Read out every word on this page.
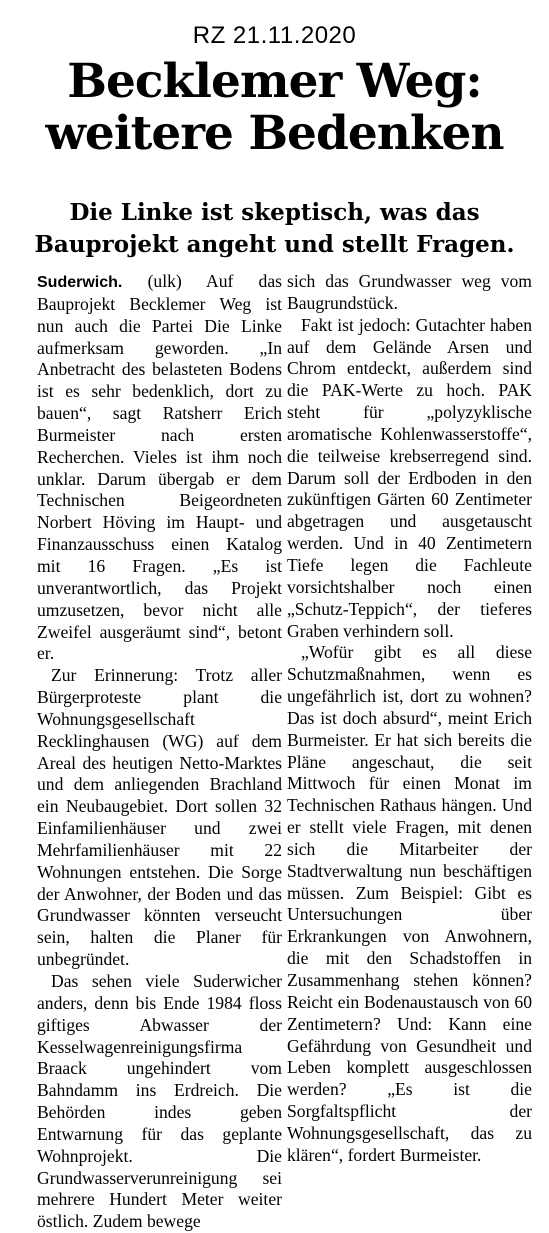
RZ 21.11.2020
Becklemer Weg:
weitere Bedenken
Die Linke ist skeptisch, was das
Bauprojekt angeht und stellt Fragen.

Suderwich. (ulk) Auf das Bauprojekt Becklemer Weg ist nun auch die Partei Die Linke aufmerksam geworden. „In Anbetracht des belasteten Bodens ist es sehr bedenklich, dort zu bauen“, sagt Ratsherr Erich Burmeister nach ersten Recherchen. Vieles ist ihm noch unklar. Darum übergab er dem Technischen Beigeordneten Norbert Höving im Haupt- und Finanzausschuss einen Katalog mit 16 Fragen. „Es ist unverantwortlich, das Projekt umzusetzen, bevor nicht alle Zweifel ausgeräumt sind“, betont er.

Zur Erinnerung: Trotz aller Bürgerproteste plant die Wohnungsgesellschaft Recklinghausen (WG) auf dem Areal des heutigen Netto-Marktes und dem anliegenden Brachland ein Neubaugebiet. Dort sollen 32 Einfamilienhäuser und zwei Mehrfamilienhäuser mit 22 Wohnungen entstehen. Die Sorge der Anwohner, der Boden und das Grundwasser könnten verseucht sein, halten die Planer für unbegründet.

Das sehen viele Suderwicher anders, denn bis Ende 1984 floss giftiges Abwasser der Kesselwagenreinigungsfirma Braack ungehindert vom Bahndamm ins Erdreich. Die Behörden indes geben Entwarnung für das geplante Wohnprojekt. Die Grundwasserverunreinigung sei mehrere Hundert Meter weiter östlich. Zudem bewege

sich das Grundwasser weg vom Baugrundstück.

Fakt ist jedoch: Gutachter haben auf dem Gelände Arsen und Chrom entdeckt, außerdem sind die PAK-Werte zu hoch. PAK steht für „polyzyklische aromatische Kohlenwasserstoffe“, die teilweise krebserregend sind. Darum soll der Erdboden in den zukünftigen Gärten 60 Zentimeter abgetragen und ausgetauscht werden. Und in 40 Zentimetern Tiefe legen die Fachleute vorsichtshalber noch einen „Schutz-Teppich“, der tieferes Graben verhindern soll.

„Wofür gibt es all diese Schutzmaßnahmen, wenn es ungefährlich ist, dort zu wohnen? Das ist doch absurd“, meint Erich Burmeister. Er hat sich bereits die Pläne angeschaut, die seit Mittwoch für einen Monat im Technischen Rathaus hängen. Und er stellt viele Fragen, mit denen sich die Mitarbeiter der Stadtverwaltung nun beschäftigen müssen. Zum Beispiel: Gibt es Untersuchungen über Erkrankungen von Anwohnern, die mit den Schadstoffen in Zusammenhang stehen können? Reicht ein Bodenaustausch von 60 Zentimetern? Und: Kann eine Gefährdung von Gesundheit und Leben komplett ausgeschlossen werden? „Es ist die Sorgfaltspflicht der Wohnungsgesellschaft, das zu klären“, fordert Burmeister.
